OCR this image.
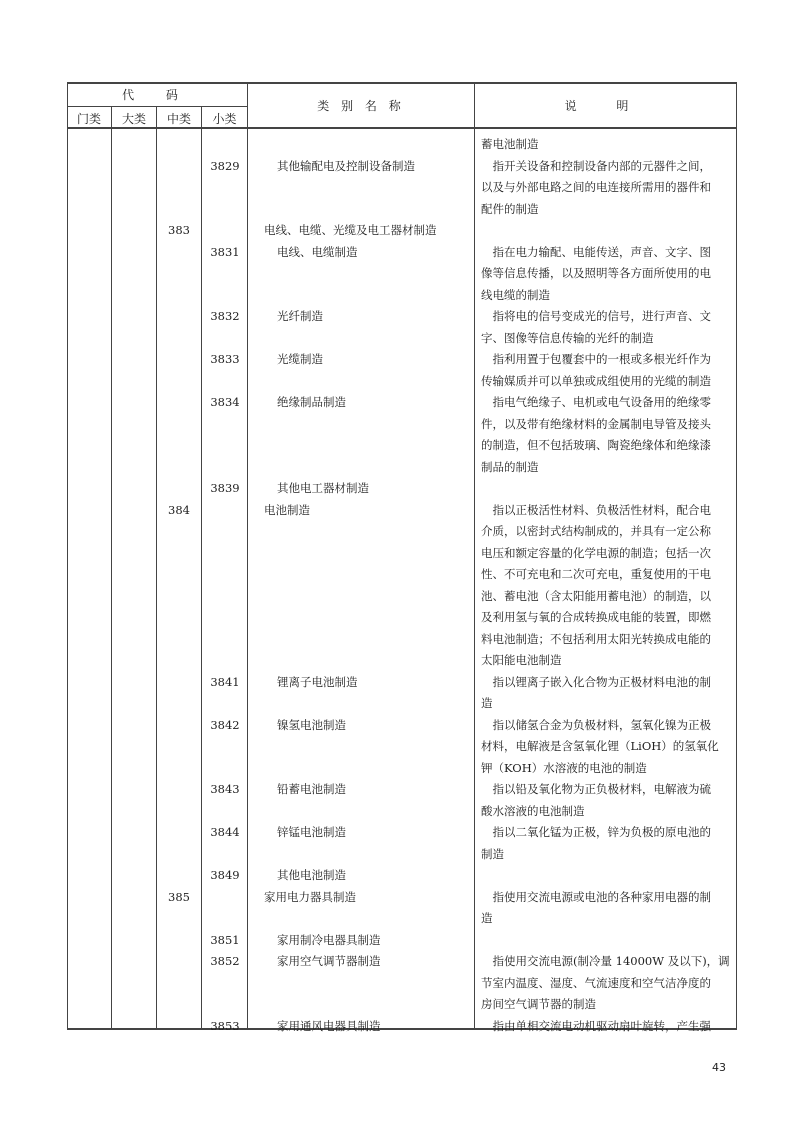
代 码
门类	大类	中类	小类
类 别 名 称	说 明
蓄电池制造
3829	其他输配电及控制设备制造	指开关设备和控制设备内部的元器件之间，
以及与外部电路之间的电连接所需用的器件和
配件的制造
383	电线、电缆、光缆及电工器材制造
3831	电线、电缆制造	指在电力输配、电能传送，声音、文字、图
像等信息传播，以及照明等各方面所使用的电
线电缆的制造
3832	光纤制造	指将电的信号变成光的信号，进行声音、文
字、图像等信息传输的光纤的制造
3833	光缆制造	指利用置于包覆套中的一根或多根光纤作为
传输媒质并可以单独或成组使用的光缆的制造
3834	绝缘制品制造	指电气绝缘子、电机或电气设备用的绝缘零
件，以及带有绝缘材料的金属制电导管及接头
的制造，但不包括玻璃、陶瓷绝缘体和绝缘漆
制品的制造
3839	其他电工器材制造
384	电池制造	指以正极活性材料、负极活性材料，配合电
介质，以密封式结构制成的，并具有一定公称
电压和额定容量的化学电源的制造；包括一次
性、不可充电和二次可充电，重复使用的干电
池、蓄电池（含太阳能用蓄电池）的制造，以
及利用氢与氧的合成转换成电能的装置，即燃
料电池制造；不包括利用太阳光转换成电能的
太阳能电池制造
3841	锂离子电池制造	指以锂离子嵌入化合物为正极材料电池的制
造
3842	镍氢电池制造	指以储氢合金为负极材料，氢氧化镍为正极
材料，电解液是含氢氧化锂（LiOH）的氢氧化
钾（KOH）水溶液的电池的制造
3843	铅蓄电池制造	指以铅及氧化物为正负极材料，电解液为硫
酸水溶液的电池制造
3844	锌锰电池制造	指以二氧化锰为正极，锌为负极的原电池的
制造
3849	其他电池制造
385	家用电力器具制造	指使用交流电源或电池的各种家用电器的制
造
3851	家用制冷电器具制造
3852	家用空气调节器制造	指使用交流电源(制冷量 14000W 及以下)，调
节室内温度、湿度、气流速度和空气洁净度的
房间空气调节器的制造
3853	家用通风电器具制造	指由单相交流电动机驱动扇叶旋转，产生强
43
